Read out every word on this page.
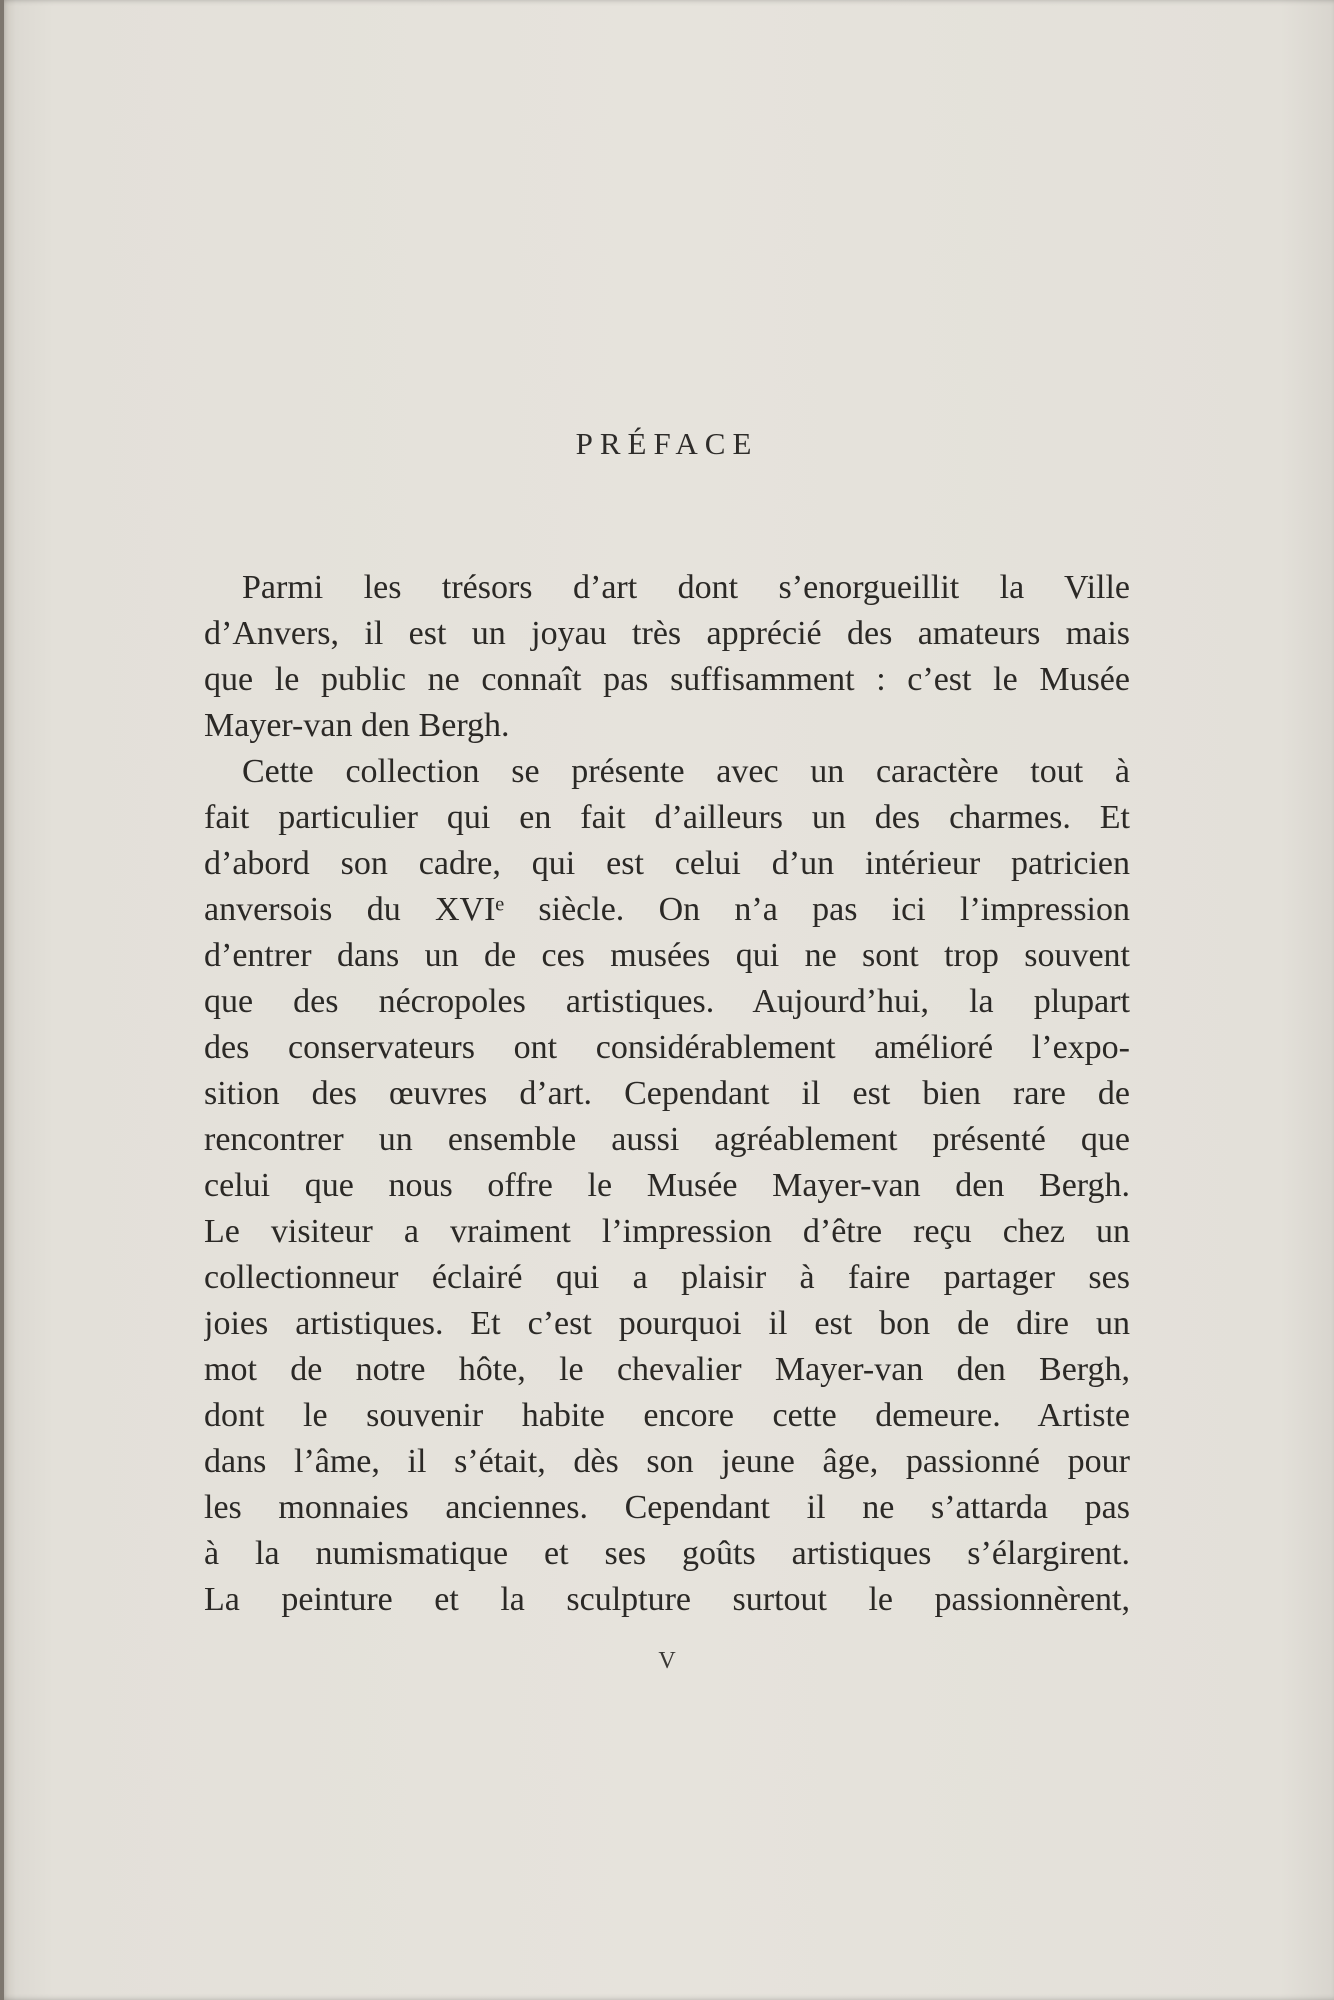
PRÉFACE
Parmi les trésors d’art dont s’enorgueillit la Ville
d’Anvers, il est un joyau très apprécié des amateurs mais
que le public ne connaît pas suffisamment : c’est le Musée
Mayer-van den Bergh.
Cette collection se présente avec un caractère tout à
fait particulier qui en fait d’ailleurs un des charmes. Et
d’abord son cadre, qui est celui d’un intérieur patricien
anversois du XVIᵉ siècle. On n’a pas ici l’impression
d’entrer dans un de ces musées qui ne sont trop souvent
que des nécropoles artistiques. Aujourd’hui, la plupart
des conservateurs ont considérablement amélioré l’expo-
sition des œuvres d’art. Cependant il est bien rare de
rencontrer un ensemble aussi agréablement présenté que
celui que nous offre le Musée Mayer-van den Bergh.
Le visiteur a vraiment l’impression d’être reçu chez un
collectionneur éclairé qui a plaisir à faire partager ses
joies artistiques. Et c’est pourquoi il est bon de dire un
mot de notre hôte, le chevalier Mayer-van den Bergh,
dont le souvenir habite encore cette demeure. Artiste
dans l’âme, il s’était, dès son jeune âge, passionné pour
les monnaies anciennes. Cependant il ne s’attarda pas
à la numismatique et ses goûts artistiques s’élargirent.
La peinture et la sculpture surtout le passionnèrent,
V
